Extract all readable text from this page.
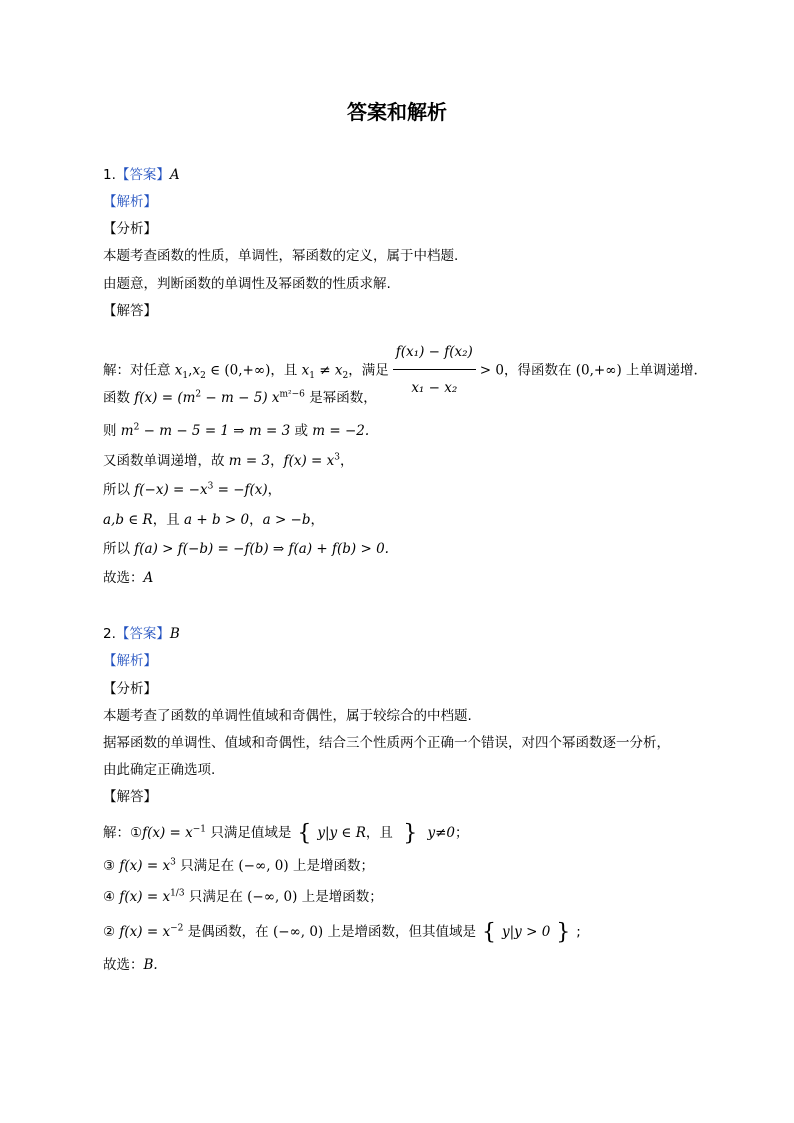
答案和解析
1.【答案】A
【解析】
【分析】
本题考查函数的性质，单调性，幂函数的定义，属于中档题.
由题意，判断函数的单调性及幂函数的性质求解.
【解答】
解：对任意 $x_1,x_2$ ∈ (0,+∞)，且 $x_1 \ne x_2$，满足 $\frac{\text{f(x₁) − f(x₂)}}{\text{x₁ − x₂}} > 0$，得函数在 (0,+∞) 上单调递增.
函数 $f(x) = (m^2 - m - 5)$ $x^{m^2-6}$ 是幂函数，
则 $m^2 - m - 5 = 1$ ⇒ m = 3 或 m = −2.
又函数单调递增，故 m = 3，$f(x) = x^3$，
所以 $f(-x) = -x^3 = -f(x)$，
a,b ∈ R，且 a + b > 0，a > −b，
所以 f(a) > f(−b) = −f(b) ⇒ f(a) + f(b) > 0.
故选：A
2.【答案】B
【解析】
【分析】
本题考查了函数的单调性值域和奇偶性，属于较综合的中档题.
据幂函数的单调性、值域和奇偶性，结合三个性质两个正确一个错误，对四个幂函数逐一分析，
由此确定正确选项.
【解答】
解：①f(x) = $x^{-1}$ 只满足值域是 { y|y ∈ R，且 } y≠0；
③ $f(x) = x^3$ 只满足在 (−∞, 0) 上是增函数；
④ $f(x) = x^{1/3}$ 只满足在 (−∞, 0) 上是增函数；
② $f(x) = x^{-2}$ 是偶函数，在 (−∞, 0) 上是增函数，但其值域是 { y|y > 0 } ;
故选：B.
